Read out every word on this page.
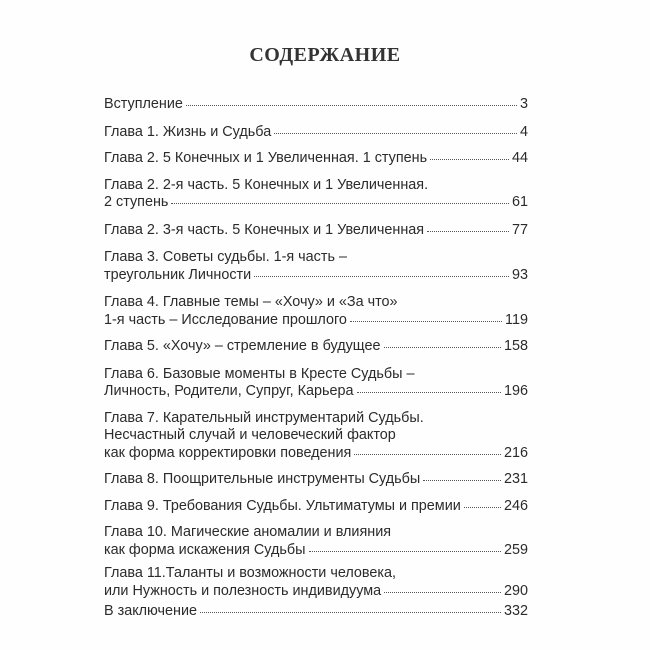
СОДЕРЖАНИЕ
Вступление	3
Глава 1. Жизнь и Судьба	4
Глава 2. 5 Конечных и 1 Увеличенная. 1 ступень	44
Глава 2. 2-я часть. 5 Конечных и 1 Увеличенная.
2 ступень	61
Глава 2. 3-я часть. 5 Конечных и 1 Увеличенная	77
Глава 3. Советы судьбы. 1-я часть –
треугольник Личности	93
Глава 4. Главные темы – «Хочу» и «За что»
1-я часть – Исследование прошлого	119
Глава 5. «Хочу» – стремление в будущее	158
Глава 6. Базовые моменты в Кресте Судьбы –
Личность, Родители, Супруг, Карьера	196
Глава 7. Карательный инструментарий Судьбы.
Несчастный случай и человеческий фактор
как форма корректировки поведения	216
Глава 8. Поощрительные инструменты Судьбы	231
Глава 9. Требования Судьбы. Ультиматумы и премии	246
Глава 10. Магические аномалии и влияния
как форма искажения Судьбы	259
Глава 11.Таланты и возможности человека,
или Нужность и полезность индивидуума	290
В заключение	332
